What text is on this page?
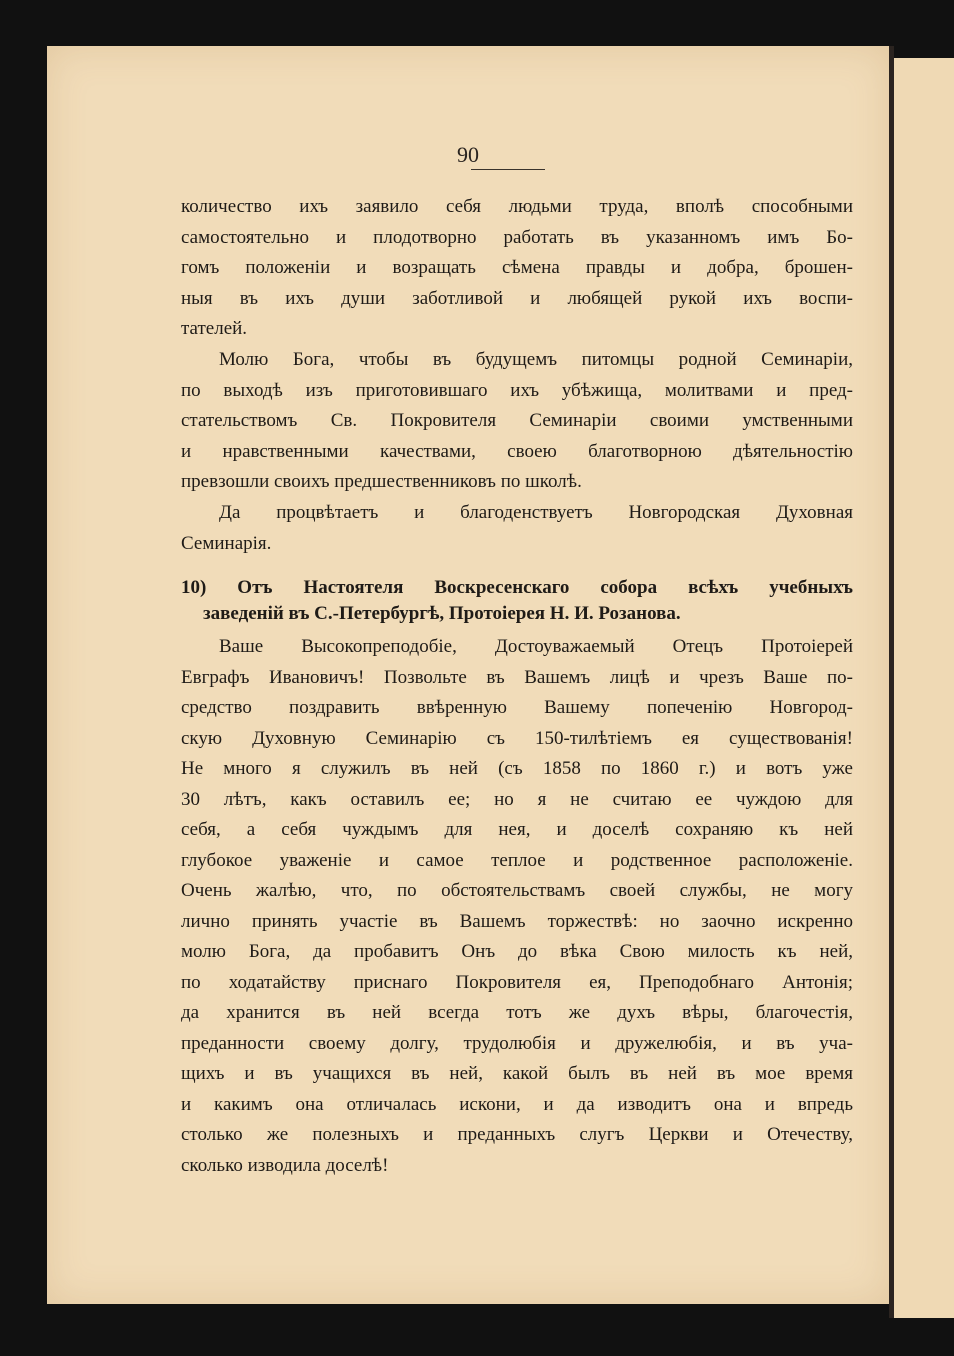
90
количество ихъ заявило себя людьми труда, вполѣ способными
самостоятельно и плодотворно работать въ указанномъ имъ Бо-
гомъ положеніи и возращать сѣмена правды и добра, брошен-
ныя въ ихъ души заботливой и любящей рукой ихъ воспи-
тателей.
Молю Бога, чтобы въ будущемъ питомцы родной Семинаріи,
по выходѣ изъ приготовившаго ихъ убѣжища, молитвами и пред-
стательствомъ Св. Покровителя Семинаріи своими умственными
и нравственными качествами, своею благотворною дѣятельностію
превзошли своихъ предшественниковъ по школѣ.
Да процвѣтаетъ и благоденствуетъ Новгородская Духовная
Семинарія.
10) Отъ Настоятеля Воскресенскаго собора всѣхъ учебныхъ
заведеній въ С.-Петербургѣ, Протоіерея Н. И. Розанова.
Ваше Высокопреподобіе, Достоуважаемый Отецъ Протоіерей
Евграфъ Ивановичъ! Позвольте въ Вашемъ лицѣ и чрезъ Ваше по-
средство поздравить ввѣренную Вашему попеченію Новгород-
скую Духовную Семинарію съ 150-тилѣтіемъ ея существованія!
Не много я служилъ въ ней (съ 1858 по 1860 г.) и вотъ уже
30 лѣтъ, какъ оставилъ ее; но я не считаю ее чуждою для
себя, а себя чуждымъ для нея, и доселѣ сохраняю къ ней
глубокое уваженіе и самое теплое и родственное расположеніе.
Очень жалѣю, что, по обстоятельствамъ своей службы, не могу
лично принять участіе въ Вашемъ торжествѣ: но заочно искренно
молю Бога, да пробавитъ Онъ до вѣка Свою милость къ ней,
по ходатайству приснаго Покровителя ея, Преподобнаго Антонія;
да хранится въ ней всегда тотъ же духъ вѣры, благочестія,
преданности своему долгу, трудолюбія и дружелюбія, и въ уча-
щихъ и въ учащихся въ ней, какой былъ въ ней въ мое время
и какимъ она отличалась искони, и да изводитъ она и впредь
столько же полезныхъ и преданныхъ слугъ Церкви и Отечеству,
сколько изводила доселѣ!
